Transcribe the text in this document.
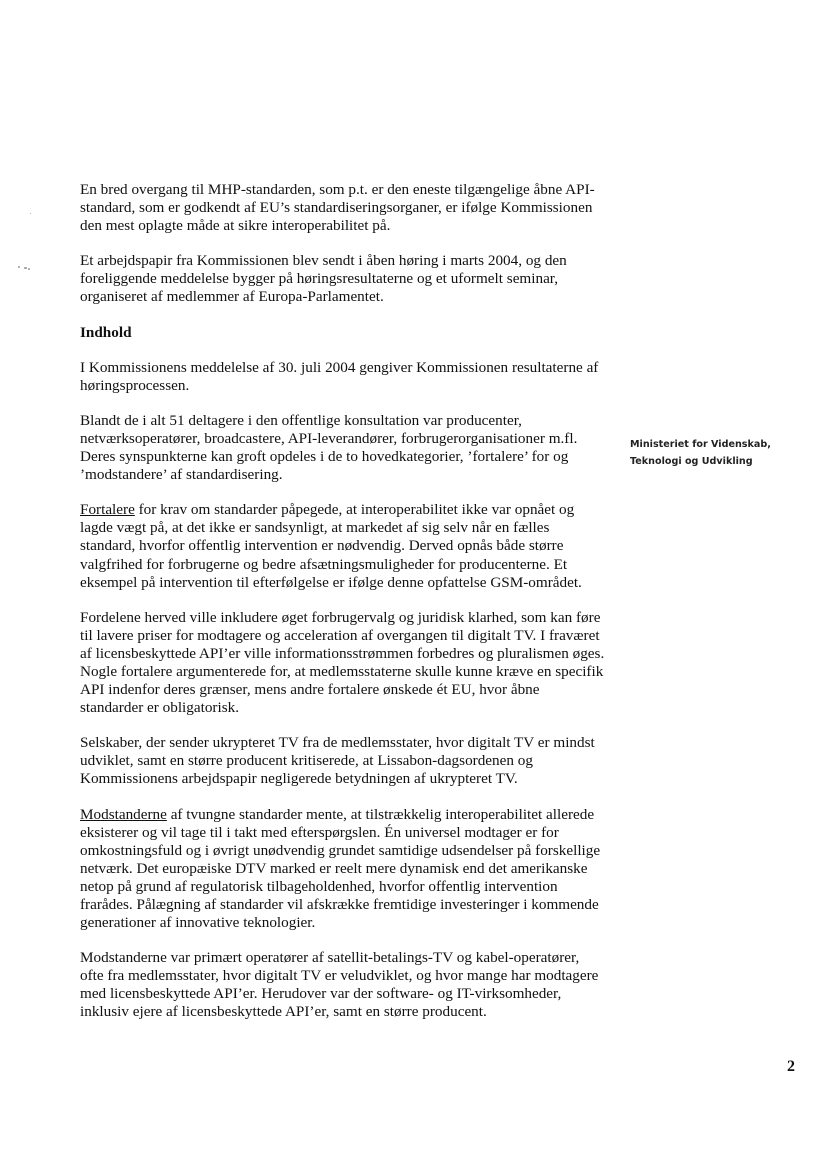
En bred overgang til MHP-standarden, som p.t. er den eneste tilgængelige åbne API-standard, som er godkendt af EU’s standardiseringsorganer, er ifølge Kommissionen den mest oplagte måde at sikre interoperabilitet på.

Et arbejdspapir fra Kommissionen blev sendt i åben høring i marts 2004, og den foreliggende meddelelse bygger på høringsresultaterne og et uformelt seminar, organiseret af medlemmer af Europa-Parlamentet.

Indhold

I Kommissionens meddelelse af 30. juli 2004 gengiver Kommissionen resultaterne af høringsprocessen.

Blandt de i alt 51 deltagere i den offentlige konsultation var producenter, netværksoperatører, broadcastere, API-leverandører, forbrugerorganisationer m.fl. Deres synspunkterne kan groft opdeles i de to hovedkategorier, ’fortalere’ for og ’modstandere’ af standardisering.

Fortalere for krav om standarder påpegede, at interoperabilitet ikke var opnået og lagde vægt på, at det ikke er sandsynligt, at markedet af sig selv når en fælles standard, hvorfor offentlig intervention er nødvendig. Derved opnås både større valgfrihed for forbrugerne og bedre afsætningsmuligheder for producenterne. Et eksempel på intervention til efterfølgelse er ifølge denne opfattelse GSM-området.

Fordelene herved ville inkludere øget forbrugervalg og juridisk klarhed, som kan føre til lavere priser for modtagere og acceleration af overgangen til digitalt TV. I fraværet af licensbeskyttede API’er ville informationsstrømmen forbedres og pluralismen øges. Nogle fortalere argumenterede for, at medlemsstaterne skulle kunne kræve en specifik API indenfor deres grænser, mens andre fortalere ønskede ét EU, hvor åbne standarder er obligatorisk.

Selskaber, der sender ukrypteret TV fra de medlemsstater, hvor digitalt TV er mindst udviklet, samt en større producent kritiserede, at Lissabon-dagsordenen og Kommissionens arbejdspapir negligerede betydningen af ukrypteret TV.

Modstanderne af tvungne standarder mente, at tilstrækkelig interoperabilitet allerede eksisterer og vil tage til i takt med efterspørgslen. Én universel modtager er for omkostningsfuld og i øvrigt unødvendig grundet samtidige udsendelser på forskellige netværk. Det europæiske DTV marked er reelt mere dynamisk end det amerikanske netop på grund af regulatorisk tilbageholdenhed, hvorfor offentlig intervention frarådes. Pålægning af standarder vil afskrække fremtidige investeringer i kommende generationer af innovative teknologier.

Modstanderne var primært operatører af satellit-betalings-TV og kabel-operatører, ofte fra medlemsstater, hvor digitalt TV er veludviklet, og hvor mange har modtagere med licensbeskyttede API’er. Herudover var der software- og IT-virksomheder, inklusiv ejere af licensbeskyttede API’er, samt en større producent.

Ministeriet for Videnskab,
Teknologi og Udvikling
2
